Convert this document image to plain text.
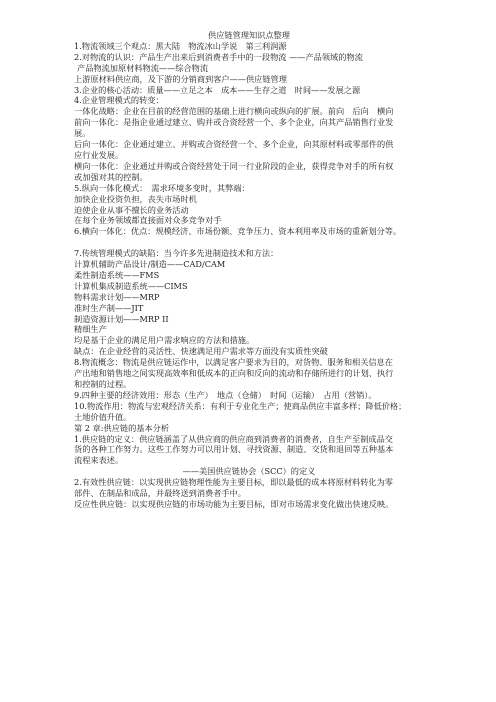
供应链管理知识点整理
1.物流领域三个观点：黑大陆　物流冰山学说　第三利润源
2.对物流的认识：产品生产出来后到消费者手中的一段物流 ——产品领域的物流
产品物流加原材料物流——综合物流
上游原材料供应商，及下游的分销商到客户——供应链管理
3.企业的核心活动：质量——立足之本　成本——生存之道　时间——发展之源
4.企业管理模式的转变：
一体化战略：企业在目前的经营范围的基础上进行横向或纵向的扩展。前向　后向　横向
前向一体化：是指企业通过建立、购并或合资经营一个、多个企业，向其产品销售行业发
展。
后向一体化：企业通过建立、并购或合资经营一个、多个企业，向其原材料或零部件的供
应行业发展。
横向一体化：企业通过并购或合资经营处于同一行业阶段的企业，获得竞争对手的所有权
或加强对其的控制。
5.纵向一体化模式：　需求环境多变时，其弊端：
加快企业投资负担，丧失市场时机
迫使企业从事不擅长的业务活动
在每个业务领域都直接面对众多竞争对手
6.横向一体化：优点：规模经济、市场份额、竞争压力、资本利用率及市场的重新划分等。
7.传统管理模式的缺陷：当今许多先进制造技术和方法：
计算机辅助产品设计/制造——CAD/CAM
柔性制造系统——FMS
计算机集成制造系统——CIMS
物料需求计划——MRP
准时生产制——JIT
制造资源计划——MRP II
精细生产
均是基于企业的满足用户需求响应的方法和措施。
缺点：在企业经营的灵活性、快速满足用户需求等方面没有实质性突破
8.物流概念：物流是供应链运作中，以满足客户要求为目的，对货物、服务和相关信息在
产出地和销售地之间实现高效率和低成本的正向和反向的流动和存储所进行的计划、执行
和控制的过程。
9.四种主要的经济效用：形态（生产）　地点（仓储）　时间（运输）　占用（营销）。
10.物流作用：物流与宏观经济关系：有利于专业化生产；使商品供应丰富多样；降低价格；
土地价值升值。
第 2 章:供应链的基本分析
1.供应链的定义：供应链涵盖了从供应商的供应商到消费者的消费者，自生产至制成品交
货的各种工作努力。这些工作努力可以用计划、寻找资源、制造、交货和退回等五种基本
流程来表述。
——美国供应链协会（SCC）的定义
2.有效性供应链：以实现供应链物理性能为主要目标，即以最低的成本将原材料转化为零
部件、在制品和成品，并最终送到消费者手中。
反应性供应链：以实现供应链的市场功能为主要目标，即对市场需求变化做出快速反映。
